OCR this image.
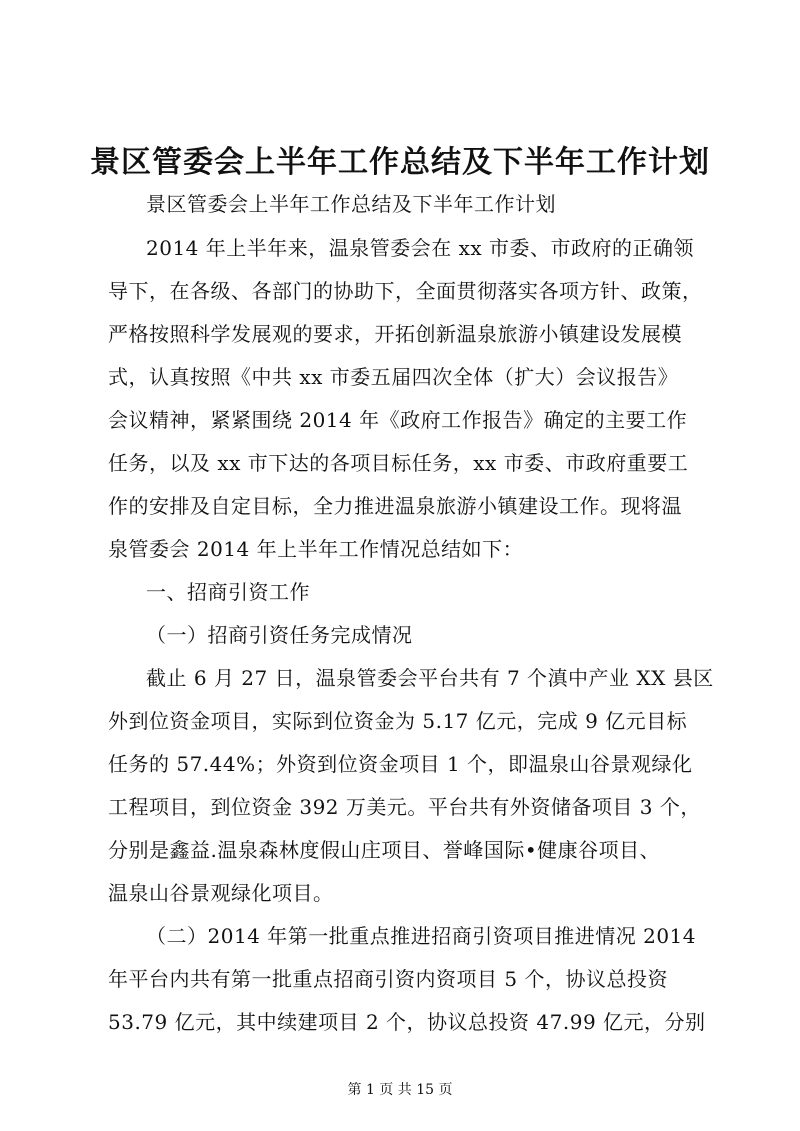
景区管委会上半年工作总结及下半年工作计划
景区管委会上半年工作总结及下半年工作计划
2014 年上半年来，温泉管委会在 xx 市委、市政府的正确领
导下，在各级、各部门的协助下，全面贯彻落实各项方针、政策，
严格按照科学发展观的要求，开拓创新温泉旅游小镇建设发展模
式，认真按照《中共 xx 市委五届四次全体（扩大）会议报告》
会议精神，紧紧围绕 2014 年《政府工作报告》确定的主要工作
任务，以及 xx 市下达的各项目标任务，xx 市委、市政府重要工
作的安排及自定目标，全力推进温泉旅游小镇建设工作。现将温
泉管委会 2014 年上半年工作情况总结如下：
一、招商引资工作
（一）招商引资任务完成情况
截止 6 月 27 日，温泉管委会平台共有 7 个滇中产业 XX 县区
外到位资金项目，实际到位资金为 5.17 亿元，完成 9 亿元目标
任务的 57.44%；外资到位资金项目 1 个，即温泉山谷景观绿化
工程项目，到位资金 392 万美元。平台共有外资储备项目 3 个，
分别是鑫益.温泉森林度假山庄项目、誉峰国际•健康谷项目、
温泉山谷景观绿化项目。
（二）2014 年第一批重点推进招商引资项目推进情况 2014
年平台内共有第一批重点招商引资内资项目 5 个，协议总投资
53.79 亿元，其中续建项目 2 个，协议总投资 47.99 亿元，分别
第 1 页 共 15 页
